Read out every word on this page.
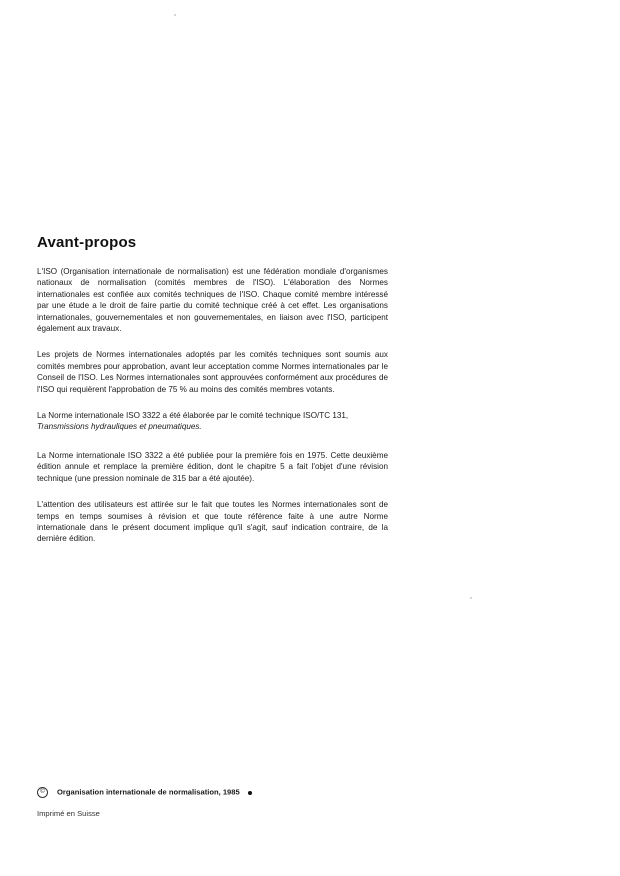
Avant-propos

L'ISO (Organisation internationale de normalisation) est une fédération mondiale d'organismes nationaux de normalisation (comités membres de l'ISO). L'élaboration des Normes internationales est confiée aux comités techniques de l'ISO. Chaque comité membre intéressé par une étude a le droit de faire partie du comité technique créé à cet effet. Les organisations internationales, gouvernementales et non gouvernementales, en liaison avec l'ISO, participent également aux travaux.

Les projets de Normes internationales adoptés par les comités techniques sont soumis aux comités membres pour approbation, avant leur acceptation comme Normes internationales par le Conseil de l'ISO. Les Normes internationales sont approuvées conformément aux procédures de l'ISO qui requièrent l'approbation de 75 % au moins des comités membres votants.

La Norme internationale ISO 3322 a été élaborée par le comité technique ISO/TC 131,
Transmissions hydrauliques et pneumatiques.

La Norme internationale ISO 3322 a été publiée pour la première fois en 1975. Cette deuxième édition annule et remplace la première édition, dont le chapitre 5 a fait l'objet d'une révision technique (une pression nominale de 315 bar a été ajoutée).

L'attention des utilisateurs est attirée sur le fait que toutes les Normes internationales sont de temps en temps soumises à révision et que toute référence faite à une autre Norme internationale dans le présent document implique qu'il s'agit, sauf indication contraire, de la dernière édition.

© Organisation internationale de normalisation, 1985
Imprimé en Suisse
